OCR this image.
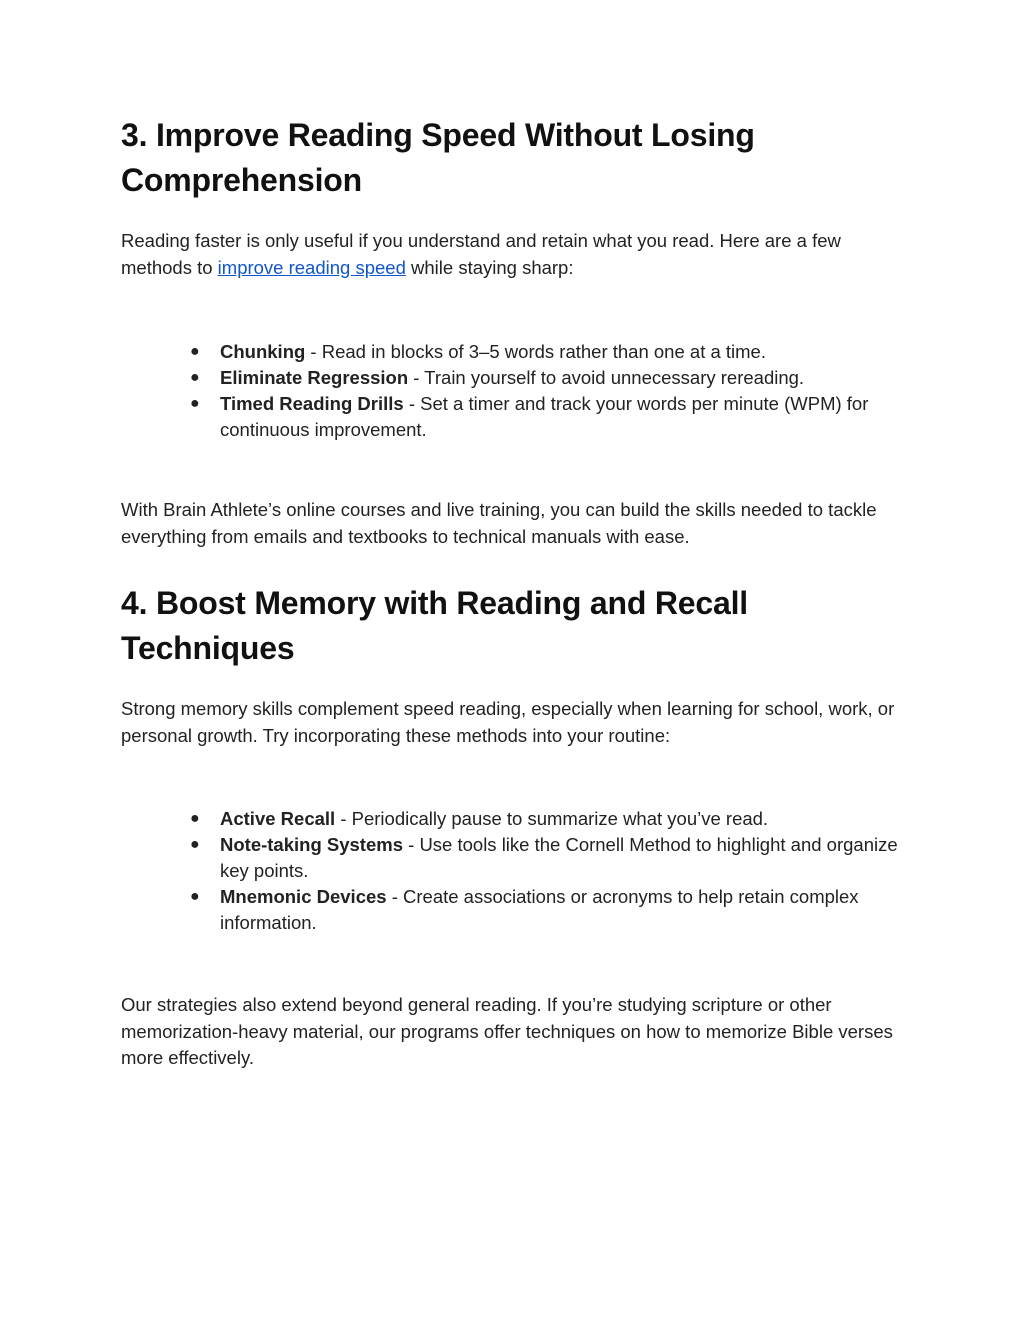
3. Improve Reading Speed Without Losing Comprehension

Reading faster is only useful if you understand and retain what you read. Here are a few methods to improve reading speed while staying sharp:

● Chunking - Read in blocks of 3–5 words rather than one at a time.
● Eliminate Regression - Train yourself to avoid unnecessary rereading.
● Timed Reading Drills - Set a timer and track your words per minute (WPM) for continuous improvement.

With Brain Athlete’s online courses and live training, you can build the skills needed to tackle everything from emails and textbooks to technical manuals with ease.

4. Boost Memory with Reading and Recall Techniques

Strong memory skills complement speed reading, especially when learning for school, work, or personal growth. Try incorporating these methods into your routine:

● Active Recall - Periodically pause to summarize what you’ve read.
● Note-taking Systems - Use tools like the Cornell Method to highlight and organize key points.
● Mnemonic Devices - Create associations or acronyms to help retain complex information.

Our strategies also extend beyond general reading. If you’re studying scripture or other memorization-heavy material, our programs offer techniques on how to memorize Bible verses more effectively.
